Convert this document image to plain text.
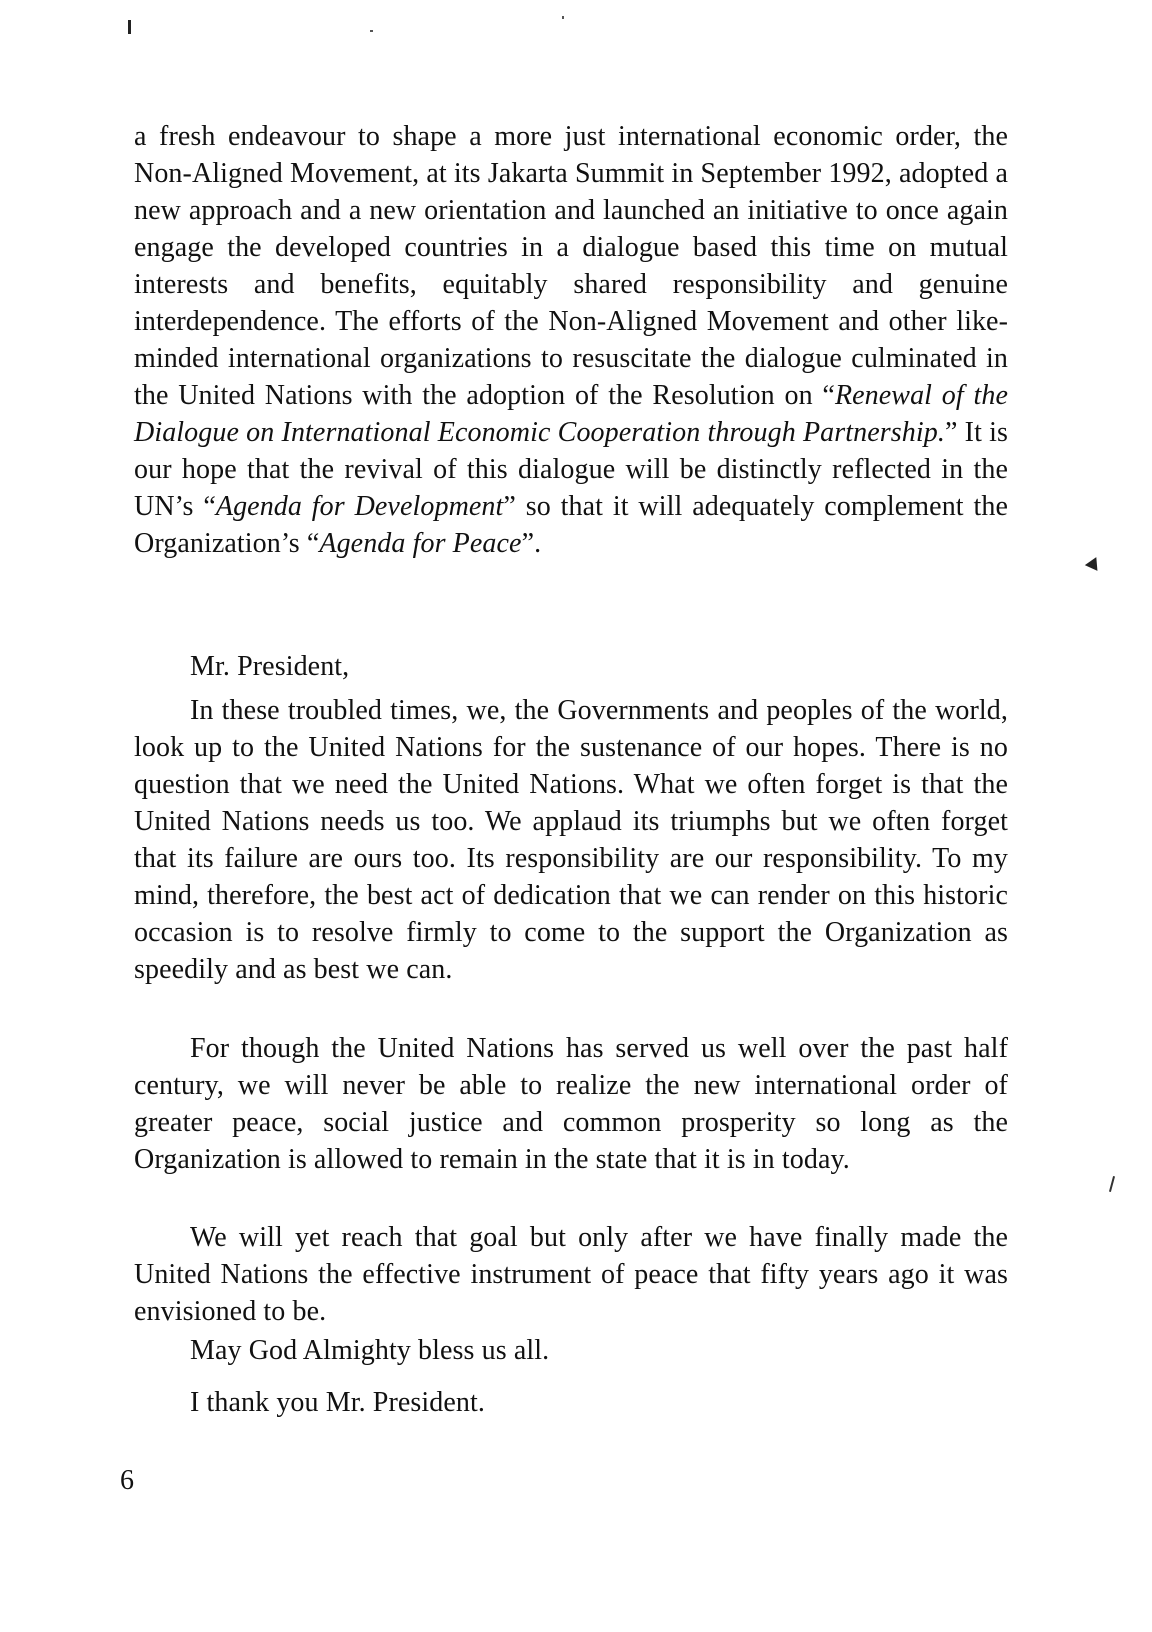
a fresh endeavour to shape a more just international economic order, the Non-Aligned Movement, at its Jakarta Summit in September 1992, adopted a new approach and a new orientation and launched an initiative to once again engage the developed countries in a dialogue based this time on mutual interests and benefits, equitably shared responsibility and genuine interdependence. The efforts of the Non-Aligned Movement and other like-minded international organizations to resuscitate the dialogue culminated in the United Nations with the adoption of the Resolution on “Renewal of the Dialogue on International Economic Cooperation through Partnership.” It is our hope that the revival of this dialogue will be distinctly reflected in the UN’s “Agenda for Development” so that it will adequately complement the Organization’s “Agenda for Peace”.

Mr. President,

In these troubled times, we, the Governments and peoples of the world, look up to the United Nations for the sustenance of our hopes. There is no question that we need the United Nations. What we often forget is that the United Nations needs us too. We applaud its triumphs but we often forget that its failure are ours too. Its responsibility are our responsibility. To my mind, therefore, the best act of dedication that we can render on this historic occasion is to resolve firmly to come to the support the Organization as speedily and as best we can.

For though the United Nations has served us well over the past half century, we will never be able to realize the new international order of greater peace, social justice and common prosperity so long as the Organization is allowed to remain in the state that it is in today.

We will yet reach that goal but only after we have finally made the United Nations the effective instrument of peace that fifty years ago it was envisioned to be.

May God Almighty bless us all.

I thank you Mr. President.

6
